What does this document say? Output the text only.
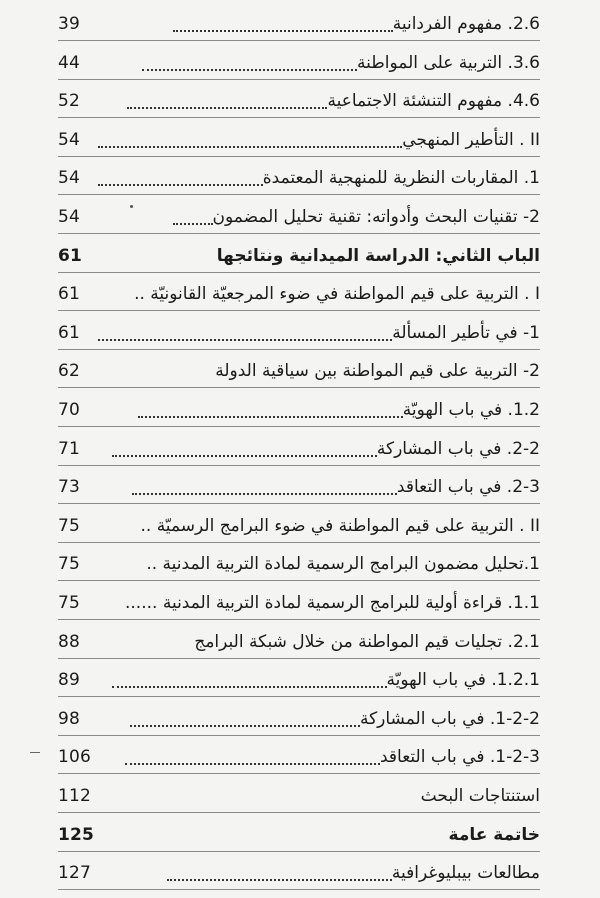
39	2.6. مفهوم الفردانية
44	3.6. التربية على المواطنة
52	4.6. مفهوم التنشئة الاجتماعية
54	II . التأطير المنهجي
54	1. المقاربات النظرية للمنهجية المعتمدة
54	2- تقنيات البحث وأدواته: تقنية تحليل المضمون
61	الباب الثاني: الدراسة الميدانية ونتائجها
61	I . التربية على قيم المواطنة في ضوء المرجعيّة القانونيّة ..
61	1- في تأطير المسألة
62	2- التربية على قيم المواطنة بين سياقية الدولة
70	1.2. في باب الهويّة
71	2-2. في باب المشاركة
73	2-3. في باب التعاقد
75	II . التربية على قيم المواطنة في ضوء البرامج الرسميّة ..
75	1.تحليل مضمون البرامج الرسمية لمادة التربية المدنية ..
75	1.1. قراءة أولية للبرامج الرسمية لمادة التربية المدنية ......
88	2.1. تجليات قيم المواطنة من خلال شبكة البرامج
89	1.2.1. في باب الهويّة
98	1-2-2. في باب المشاركة
106	1-2-3. في باب التعاقد
112	استنتاجات البحث
125	خاتمة عامة
127	مطالعات بيبليوغرافية
